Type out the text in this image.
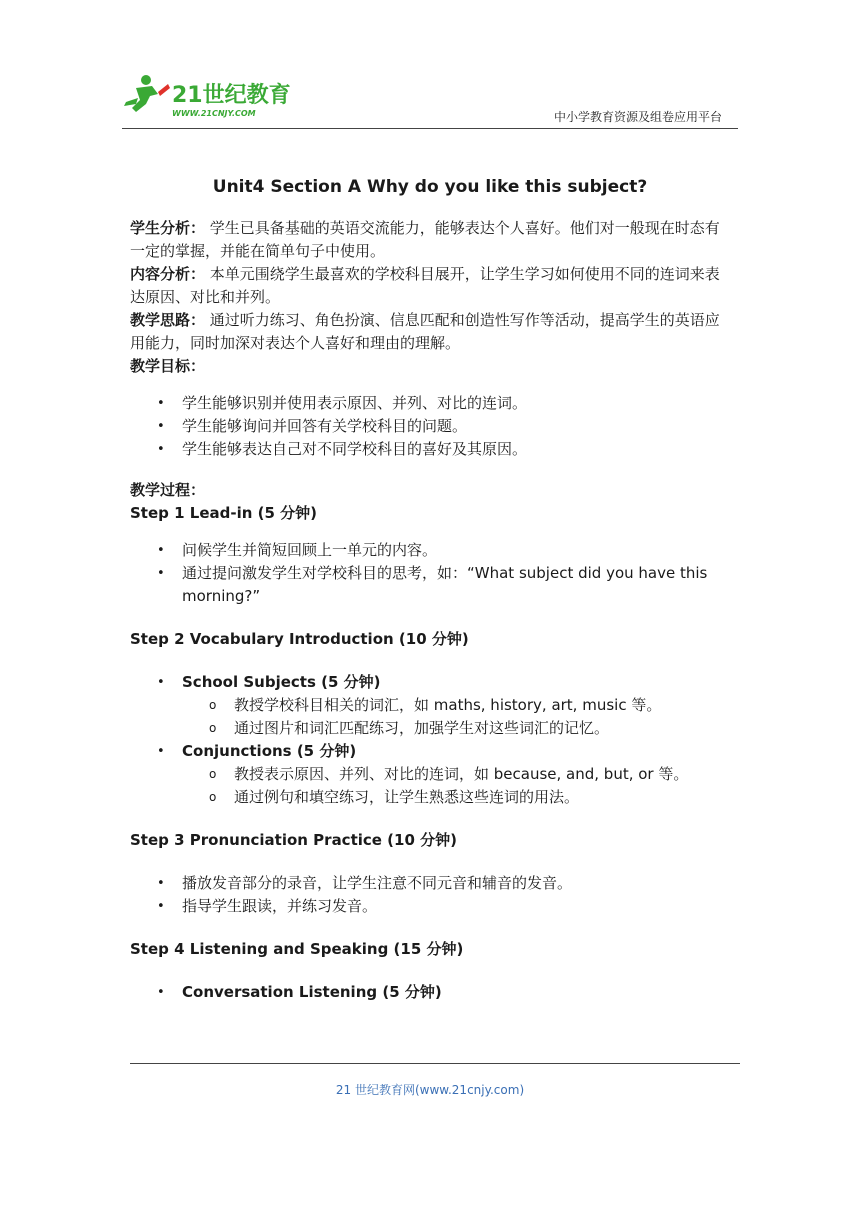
21世纪教育
WWW.21CNJY.COM	中小学教育资源及组卷应用平台

Unit4 Section A Why do you like this subject?

学生分析： 学生已具备基础的英语交流能力，能够表达个人喜好。他们对一般现在时态有一定的掌握，并能在简单句子中使用。

内容分析： 本单元围绕学生最喜欢的学校科目展开，让学生学习如何使用不同的连词来表达原因、对比和并列。

教学思路： 通过听力练习、角色扮演、信息匹配和创造性写作等活动，提高学生的英语应用能力，同时加深对表达个人喜好和理由的理解。

教学目标：

• 学生能够识别并使用表示原因、并列、对比的连词。
• 学生能够询问并回答有关学校科目的问题。
• 学生能够表达自己对不同学校科目的喜好及其原因。

教学过程：

Step 1 Lead-in (5 分钟)

• 问候学生并简短回顾上一单元的内容。
• 通过提问激发学生对学校科目的思考，如：“What subject did you have this morning?”

Step 2 Vocabulary Introduction (10 分钟)

• School Subjects (5 分钟)
o 教授学校科目相关的词汇，如 maths, history, art, music 等。
o 通过图片和词汇匹配练习，加强学生对这些词汇的记忆。
• Conjunctions (5 分钟)
o 教授表示原因、并列、对比的连词，如 because, and, but, or 等。
o 通过例句和填空练习，让学生熟悉这些连词的用法。

Step 3 Pronunciation Practice (10 分钟)

• 播放发音部分的录音，让学生注意不同元音和辅音的发音。
• 指导学生跟读，并练习发音。

Step 4 Listening and Speaking (15 分钟)

• Conversation Listening (5 分钟)
21 世纪教育网(www.21cnjy.com)
